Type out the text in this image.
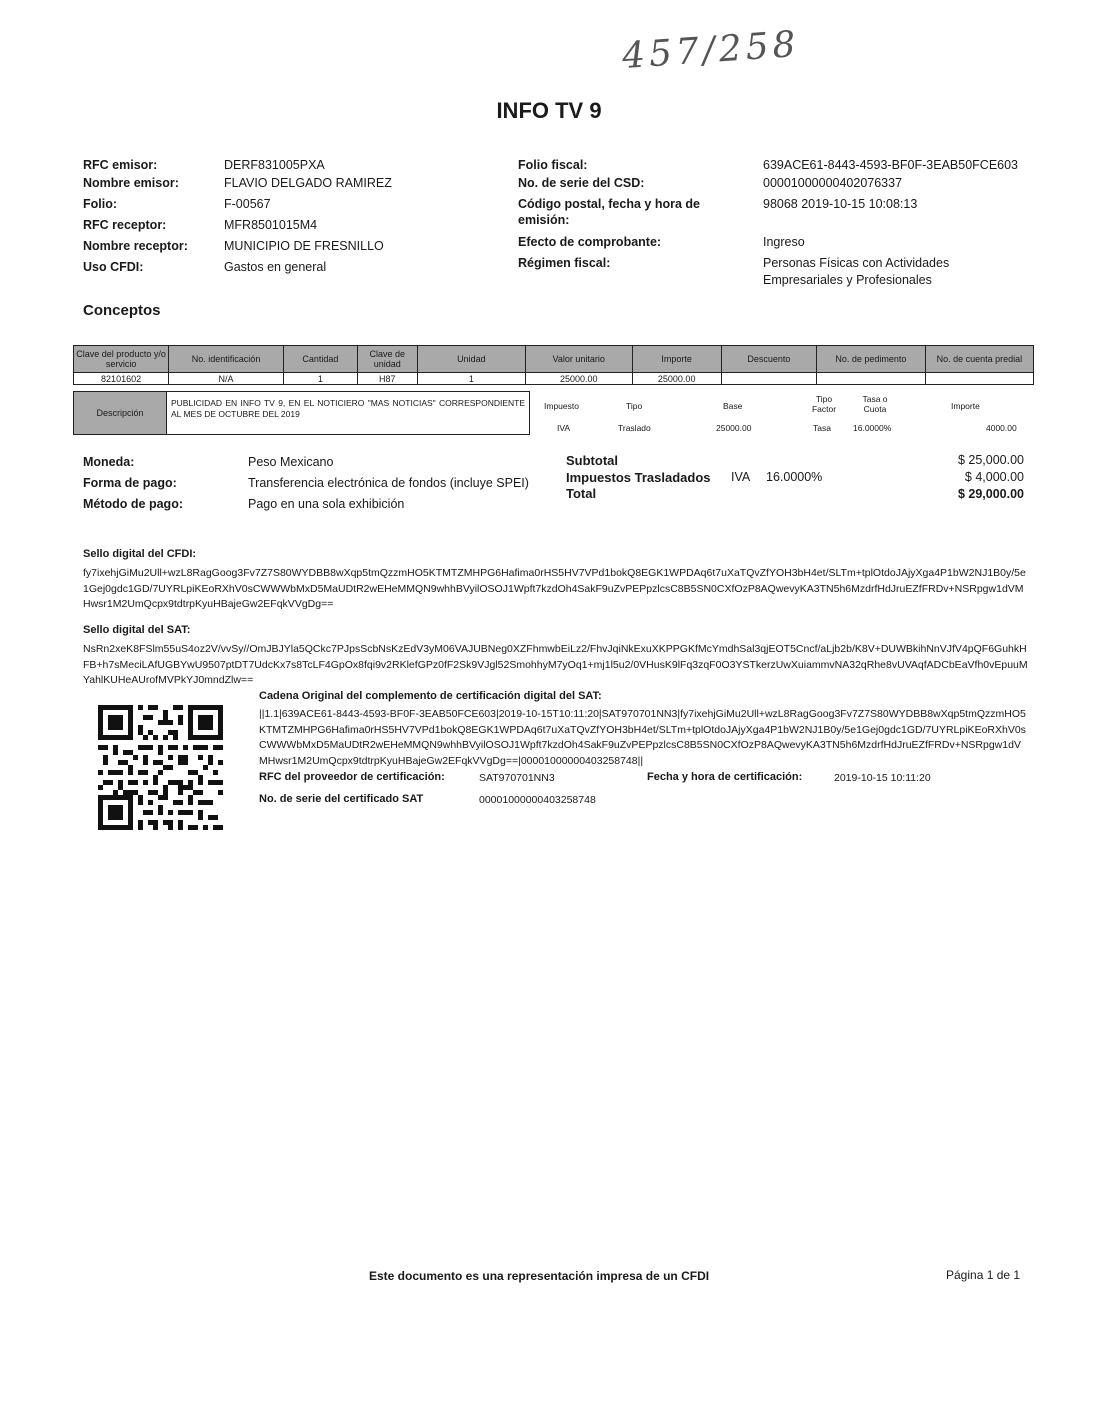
457/258
INFO TV 9
RFC emisor:	DERF831005PXA
Nombre emisor:	FLAVIO DELGADO RAMIREZ
Folio:	F-00567
RFC receptor:	MFR8501015M4
Nombre receptor:	MUNICIPIO DE FRESNILLO
Uso CFDI:	Gastos en general
Folio fiscal:	639ACE61-8443-4593-BF0F-3EAB50FCE603
No. de serie del CSD:	00001000000402076337
Código postal, fecha y hora de
emisión:
98068 2019-10-15 10:08:13
Efecto de comprobante:	Ingreso
Régimen fiscal:	Personas Físicas con Actividades
Empresariales y Profesionales
Conceptos
Clave del producto y/o servicio	No. identificación	Cantidad	Clave de unidad	Unidad	Valor unitario	Importe	Descuento	No. de pedimento	No. de cuenta predial
82101602	N/A	1	H87	1	25000.00	25000.00			
Descripción
PUBLICIDAD EN INFO TV 9, EN EL NOTICIERO "MAS NOTICIAS" CORRESPONDIENTE AL MES DE OCTUBRE DEL 2019
Impuesto	Tipo	Base
Tipo Factor
Tasa o Cuota	Importe
IVA	Traslado	25000.00	Tasa	16.0000%	4000.00
Moneda:	Peso Mexicano
Forma de pago:	Transferencia electrónica de fondos (incluye SPEI)
Método de pago:	Pago en una sola exhibición
Subtotal	$ 25,000.00
Impuestos Trasladados IVA 16.0000%	$ 4,000.00
Total	$ 29,000.00
Sello digital del CFDI:
fy7ixehjGiMu2Ull+wzL8RagGoog3Fv7Z7S80WYDBB8wXqp5tmQzzmHO5KTMTZMHPG6Hafima0rHS5HV7VPd1bokQ8EGK1WPDAq6t7uXaTQvZfYOH3bH4et/SLTm+tplOtdoJAjyXga4P1bW2NJ1B0y/5e1Gej0gdc1GD/7UYRLpiKEoRXhV0sCWWWbMxD5MaUDtR2wEHeMMQN9whhBVyilOSOJ1Wpft7kzdOh4SakF9uZvPEPpzlcsC8B5SN0CXfOzP8AQwevyKA3TN5h6MzdrfHdJruEZfFRDv+NSRpgw1dVMHwsr1M2UmQcpx9tdtrpKyuHBajeGw2EFqkVVgDg==
Sello digital del SAT:
NsRn2xeK8FSlm55uS4oz2V/vvSy//OmJBJYla5QCkc7PJpsScbNsKzEdV3yM06VAJUBNeg0XZFhmwbEiLz2/FhvJqiNkExuXKPPGKfMcYmdhSal3qjEOT5Cncf/aLjb2b/K8V+DUWBkihNnVJfV4pQF6GuhkHFB+h7sMeciLAfUGBYwU9507ptDT7UdcKx7s8TcLF4GpOx8fqi9v2RKlefGPz0fF2Sk9VJgl52SmohhyM7yOq1+mj1l5u2/0VHusK9lFq3zqF0O3YSTkerzUwXuiammvNA32qRhe8vUVAqfADCbEaVfh0vEpuuMYahlKUHeAUrofMVPkYJ0mndZlw==
Cadena Original del complemento de certificación digital del SAT:
||1.1|639ACE61-8443-4593-BF0F-3EAB50FCE603|2019-10-15T10:11:20|SAT970701NN3|fy7ixehjGiMu2Ull+wzL8RagGoog3Fv7Z7S80WYDBB8wXqp5tmQzzmHO5KTMTZMHPG6Hafima0rHS5HV7VPd1bokQ8EGK1WPDAq6t7uXaTQvZfYOH3bH4et/SLTm+tplOtdoJAjyXga4P1bW2NJ1B0y/5e1Gej0gdc1GD/7UYRLpiKEoRXhV0sCWWWbMxD5MaUDtR2wEHeMMQN9whhBVyilOSOJ1Wpft7kzdOh4SakF9uZvPEPpzlcsC8B5SN0CXfOzP8AQwevyKA3TN5h6MzdrfHdJruEZfFRDv+NSRpgw1dVMHwsr1M2UmQcpx9tdtrpKyuHBajeGw2EFqkVVgDg==|00001000000403258748||
RFC del proveedor de certificación:	SAT970701NN3	Fecha y hora de certificación:	2019-10-15 10:11:20
No. de serie del certificado SAT	00001000000403258748
Este documento es una representación impresa de un CFDI	Página 1 de 1
